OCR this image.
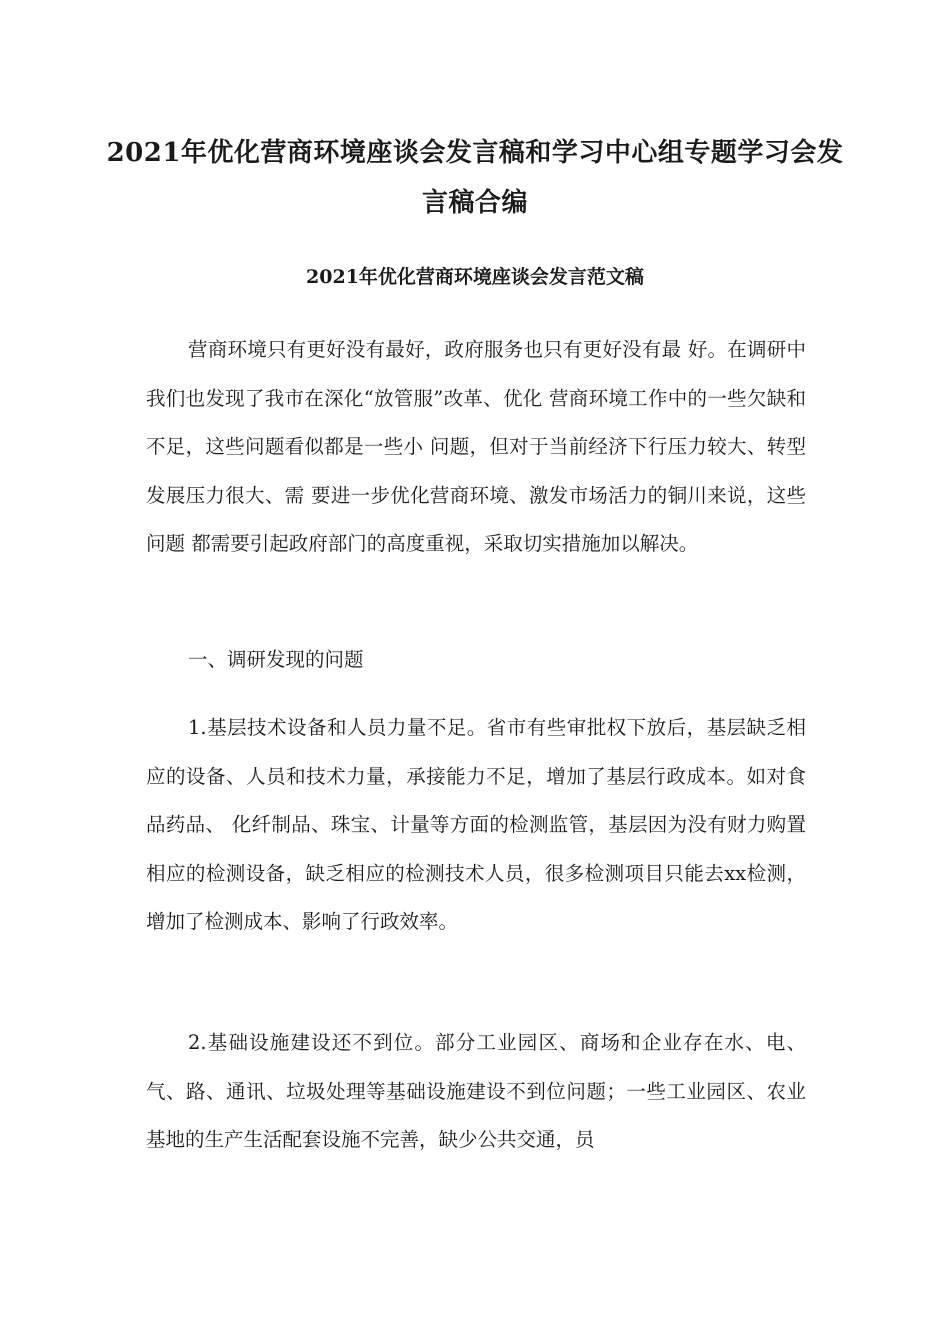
2021年优化营商环境座谈会发言稿和学习中心组专题学习会发言稿合编
2021年优化营商环境座谈会发言范文稿

营商环境只有更好没有最好，政府服务也只有更好没有最 好。在调研中我们也发现了我市在深化“放管服”改革、优化 营商环境工作中的一些欠缺和不足，这些问题看似都是一些小 问题，但对于当前经济下行压力较大、转型发展压力很大、需 要进一步优化营商环境、激发市场活力的铜川来说，这些问题 都需要引起政府部门的高度重视，采取切实措施加以解决。

一、调研发现的问题

1.基层技术设备和人员力量不足。省市有些审批权下放后，基层缺乏相应的设备、人员和技术力量，承接能力不足，增加了基层行政成本。如对食品药品、 化纤制品、珠宝、计量等方面的检测监管，基层因为没有财力购置相应的检测设备，缺乏相应的检测技术人员，很多检测项目只能去xx检测，增加了检测成本、影响了行政效率。

2.基础设施建设还不到位。部分工业园区、商场和企业存在水、电、气、路、通讯、垃圾处理等基础设施建设不到位问题；一些工业园区、农业基地的生产生活配套设施不完善，缺少公共交通，员
